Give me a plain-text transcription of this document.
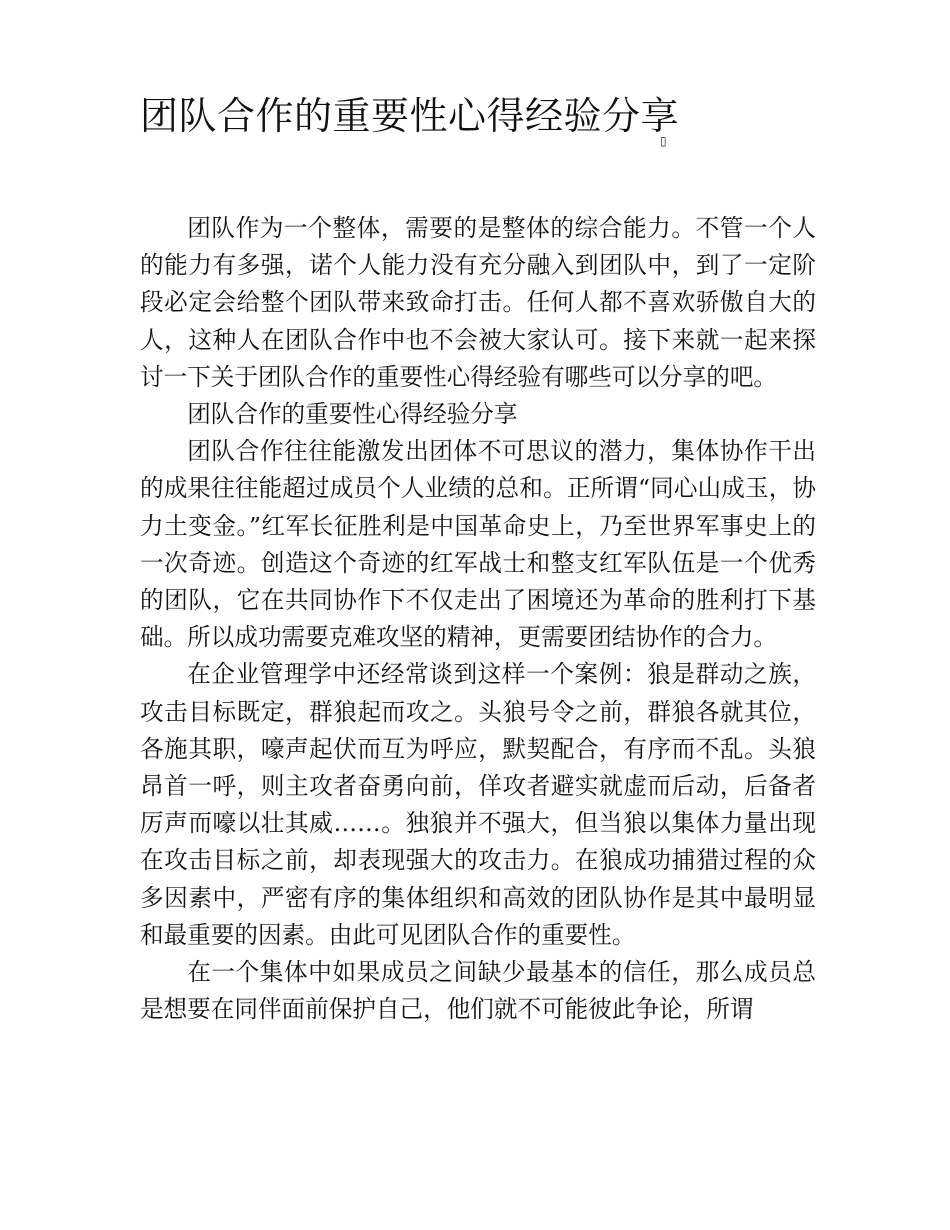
团队合作的重要性心得经验分享
▯

团队作为一个整体，需要的是整体的综合能力。不管一个人的能力有多强，诺个人能力没有充分融入到团队中，到了一定阶段必定会给整个团队带来致命打击。任何人都不喜欢骄傲自大的人，这种人在团队合作中也不会被大家认可。接下来就一起来探讨一下关于团队合作的重要性心得经验有哪些可以分享的吧。

团队合作的重要性心得经验分享

团队合作往往能激发出团体不可思议的潜力，集体协作干出的成果往往能超过成员个人业绩的总和。正所谓“同心山成玉，协力土变金。”红军长征胜利是中国革命史上，乃至世界军事史上的一次奇迹。创造这个奇迹的红军战士和整支红军队伍是一个优秀的团队，它在共同协作下不仅走出了困境还为革命的胜利打下基础。所以成功需要克难攻坚的精神，更需要团结协作的合力。

在企业管理学中还经常谈到这样一个案例：狼是群动之族，攻击目标既定，群狼起而攻之。头狼号令之前，群狼各就其位，各施其职，嚎声起伏而互为呼应，默契配合，有序而不乱。头狼昂首一呼，则主攻者奋勇向前，佯攻者避实就虚而后动，后备者厉声而嚎以壮其威……。独狼并不强大，但当狼以集体力量出现在攻击目标之前，却表现强大的攻击力。在狼成功捕猎过程的众多因素中，严密有序的集体组织和高效的团队协作是其中最明显和最重要的因素。由此可见团队合作的重要性。

在一个集体中如果成员之间缺少最基本的信任，那么成员总是想要在同伴面前保护自己，他们就不可能彼此争论，所谓
